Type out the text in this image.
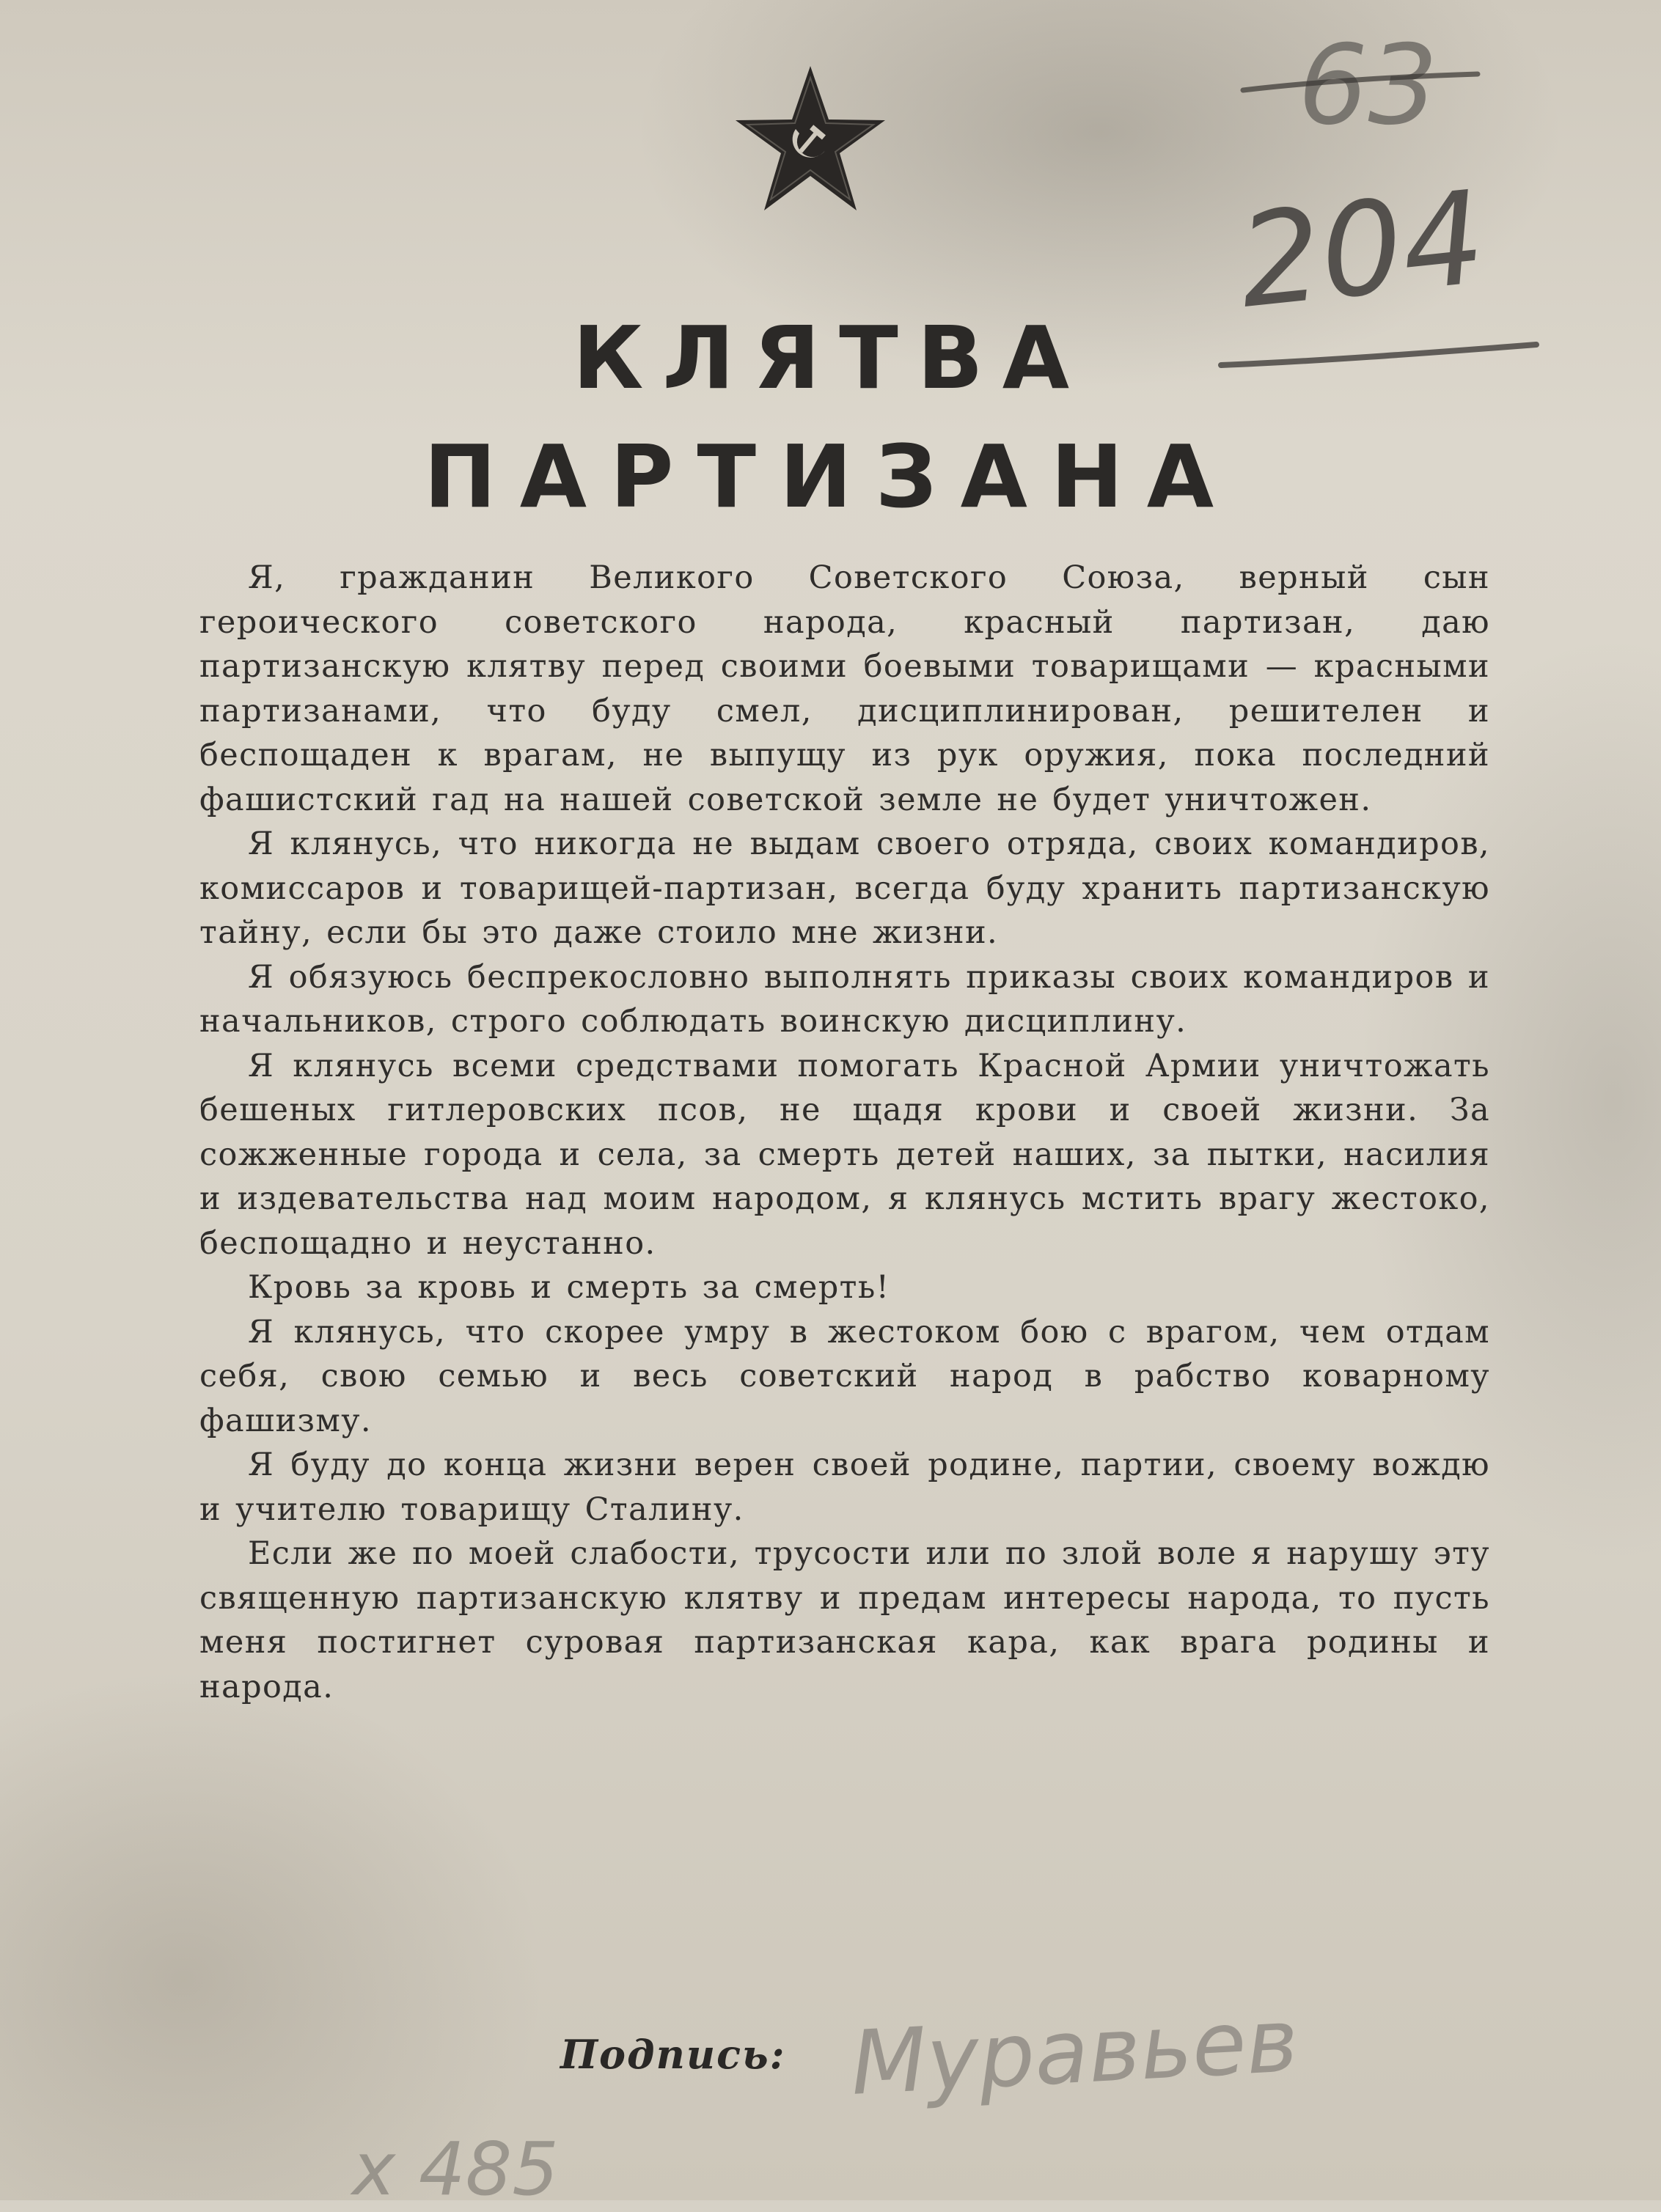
КЛЯТВА
ПАРТИЗАНА

Я, гражданин Великого Советского Союза, верный сын героического советского народа, красный партизан, даю партизанскую клятву перед своими боевыми товарищами — красными партизанами, что буду смел, дисциплинирован, решителен и беспощаден к врагам, не выпущу из рук оружия, пока последний фашистский гад на нашей советской земле не будет уничтожен.

Я клянусь, что никогда не выдам своего отряда, своих командиров, комиссаров и товарищей-партизан, всегда буду хранить партизанскую тайну, если бы это даже стоило мне жизни.

Я обязуюсь беспрекословно выполнять приказы своих командиров и начальников, строго соблюдать воинскую дисциплину.

Я клянусь всеми средствами помогать Красной Армии уничтожать бешеных гитлеровских псов, не щадя крови и своей жизни. За сожженные города и села, за смерть детей наших, за пытки, насилия и издевательства над моим народом, я клянусь мстить врагу жестоко, беспощадно и неустанно.

Кровь за кровь и смерть за смерть!

Я клянусь, что скорее умру в жестоком бою с врагом, чем отдам себя, свою семью и весь советский народ в рабство коварному фашизму.

Я буду до конца жизни верен своей родине, партии, своему вождю и учителю товарищу Сталину.

Если же по моей слабости, трусости или по злой воле я нарушу эту священную партизанскую клятву и предам интересы народа, то пусть меня постигнет суровая партизанская кара, как врага родины и народа.

Подпись:
63
204
Муравьев
х 485
